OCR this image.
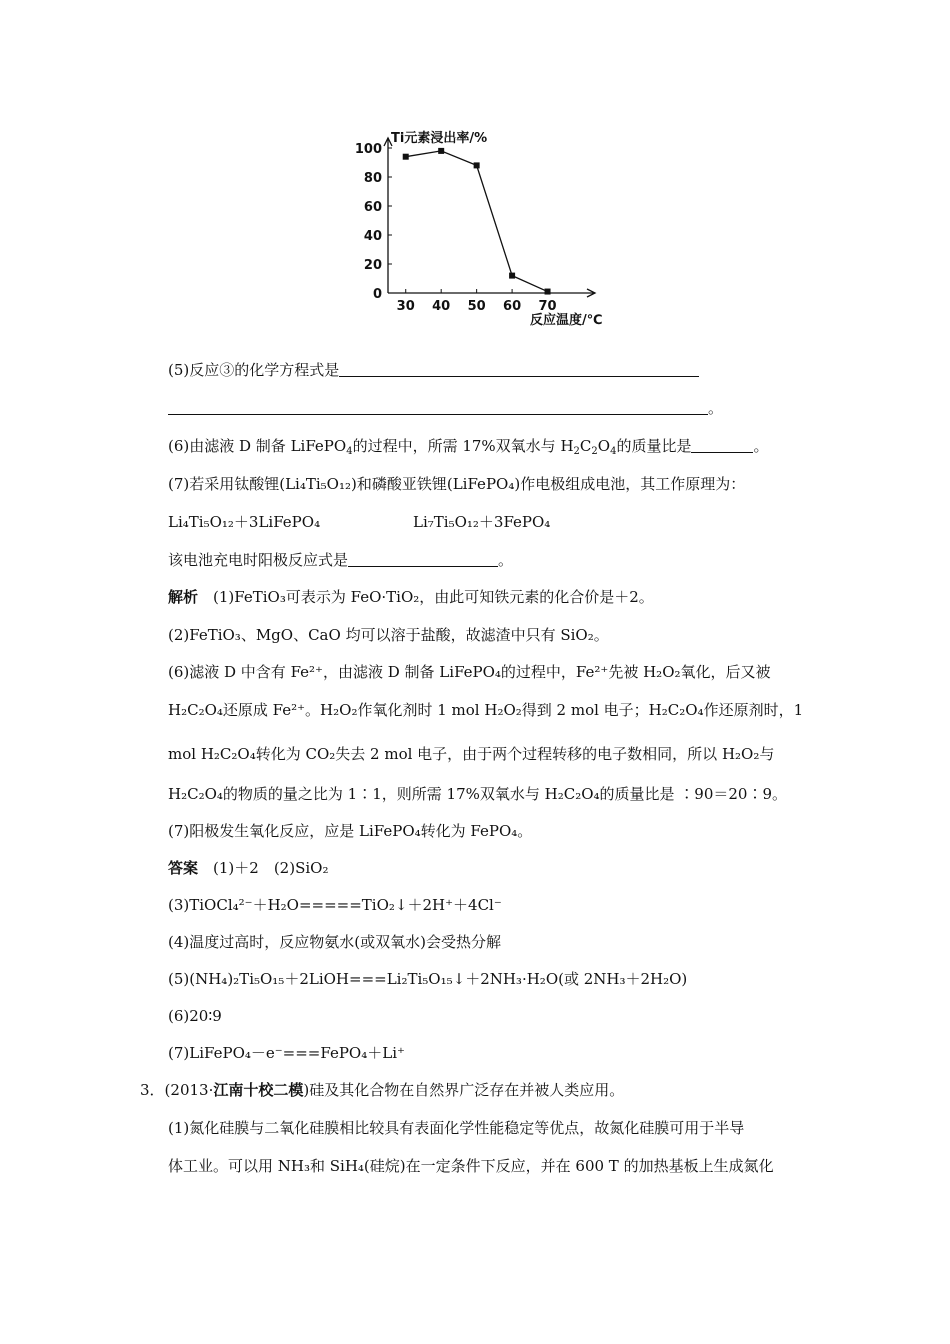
0
20
40
60
80
100
30 40 50 60 70
Ti元素浸出率/%
反应温度/℃
(5)反应③的化学方程式是
。
(6)由滤液 D 制备 LiFePO$_4$的过程中，所需 17%双氧水与 $H_2C_2O_4$的质量比是	。
(7)若采用钛酸锂(Li₄Ti₅O₁₂)和磷酸亚铁锂(LiFePO₄)作电极组成电池，其工作原理为：
Li₄Ti₅O₁₂＋3LiFePO₄	Li₇Ti₅O₁₂＋3FePO₄
该电池充电时阳极反应式是	。
解析　 (1)FeTiO₃可表示为 FeO·TiO₂，由此可知铁元素的化合价是＋2。
(2)FeTiO₃、MgO、CaO 均可以溶于盐酸，故滤渣中只有 SiO₂。
(6)滤液 D 中含有 Fe²⁺，由滤液 D 制备 LiFePO₄的过程中，Fe²⁺先被 H₂O₂氧化，后又被
H₂C₂O₄还原成 Fe²⁺。H₂O₂作氧化剂时 1 mol H₂O₂得到 2 mol 电子；H₂C₂O₄作还原剂时，1
mol H₂C₂O₄转化为 CO₂失去 2 mol 电子，由于两个过程转移的电子数相同，所以 H₂O₂与
H₂C₂O₄的物质的量之比为 1∶1，则所需 17%双氧水与 H₂C₂O₄的质量比是 ∶90＝20∶9。
(7)阳极发生氧化反应，应是 LiFePO₄转化为 FePO₄。
答案　 (1)＋2　(2)SiO₂
(3)TiOCl₄²⁻＋H₂O=====TiO₂↓＋2H⁺＋4Cl⁻
(4)温度过高时，反应物氨水(或双氧水)会受热分解
(5)(NH₄)₂Ti₅O₁₅＋2LiOH===Li₂Ti₅O₁₅↓＋2NH₃·H₂O(或 2NH₃＋2H₂O)
(6)20∶9
(7)LiFePO₄－e⁻===FePO₄＋Li⁺
3．(2013·江南十校二模)硅及其化合物在自然界广泛存在并被人类应用。
(1)氮化硅膜与二氧化硅膜相比较具有表面化学性能稳定等优点，故氮化硅膜可用于半导
体工业。可以用 NH₃和 SiH₄(硅烷)在一定条件下反应，并在 600 T 的加热基板上生成氮化
